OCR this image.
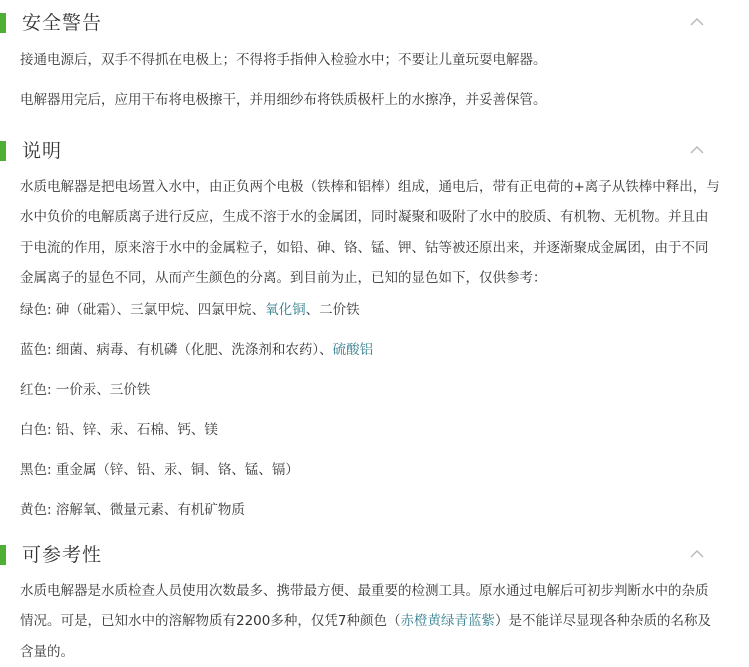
安全警告
接通电源后，双手不得抓在电极上；不得将手指伸入检验水中；不要让儿童玩耍电解器。
电解器用完后，应用干布将电极擦干，并用细纱布将铁质极杆上的水擦净，并妥善保管。
说明
水质电解器是把电场置入水中，由正负两个电极（铁棒和铝棒）组成，通电后，带有正电荷的+离子从铁棒中释出，与水中负价的电解质离子进行反应，生成不溶于水的金属团，同时凝聚和吸附了水中的胶质、有机物、无机物。并且由于电流的作用，原来溶于水中的金属粒子，如铅、砷、铬、锰、钾、钴等被还原出来，并逐渐聚成金属团，由于不同金属离子的显色不同，从而产生颜色的分离。到目前为止，已知的显色如下，仅供参考：
绿色: 砷（砒霜）、三氯甲烷、四氯甲烷、氧化铜、二价铁
蓝色: 细菌、病毒、有机磷（化肥、洗涤剂和农药）、硫酸铝
红色: 一价汞、三价铁
白色: 铅、锌、汞、石棉、钙、镁
黑色: 重金属（锌、铅、汞、铜、铬、锰、镉）
黄色: 溶解氧、微量元素、有机矿物质
可参考性
水质电解器是水质检查人员使用次数最多、携带最方便、最重要的检测工具。原水通过电解后可初步判断水中的杂质情况。可是，已知水中的溶解物质有2200多种，仅凭7种颜色（赤橙黄绿青蓝紫）是不能详尽显现各种杂质的名称及含量的。
